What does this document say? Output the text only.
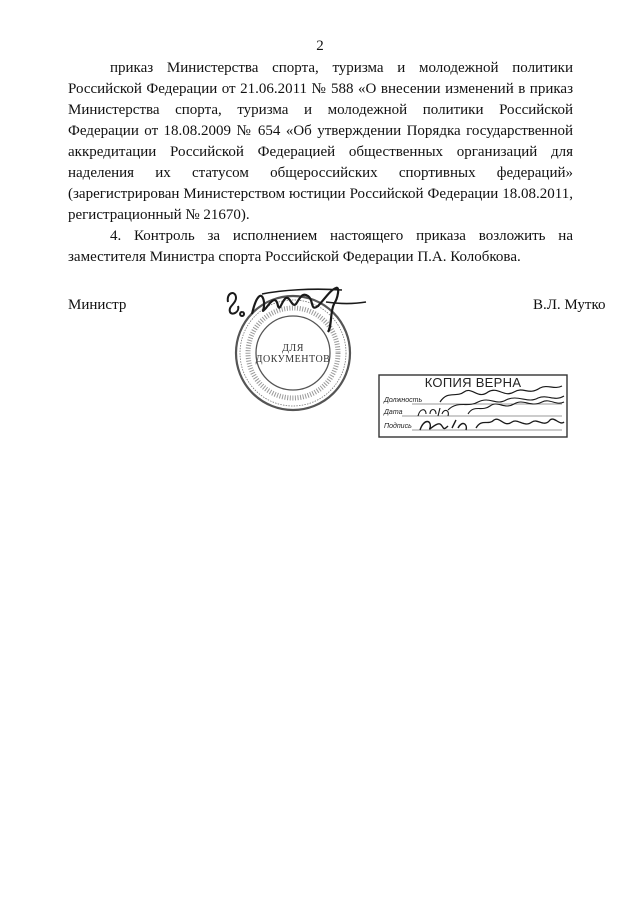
2

приказ Министерства спорта, туризма и молодежной политики Российской Федерации от 21.06.2011 № 588 «О внесении изменений в приказ Министерства спорта, туризма и молодежной политики Российской Федерации от 18.08.2009 № 654 «Об утверждении Порядка государственной аккредитации Российской Федерацией общественных организаций для наделения их статусом общероссийских спортивных федераций» (зарегистрирован Министерством юстиции Российской Федерации 18.08.2011, регистрационный № 21670).

4. Контроль за исполнением настоящего приказа возложить на заместителя Министра спорта Российской Федерации П.А. Колобкова.

Министр	В.Л. Мутко
ДЛЯ
ДОКУМЕНТОВ
КОПИЯ ВЕРНА
Должность
Дата
Подпись
